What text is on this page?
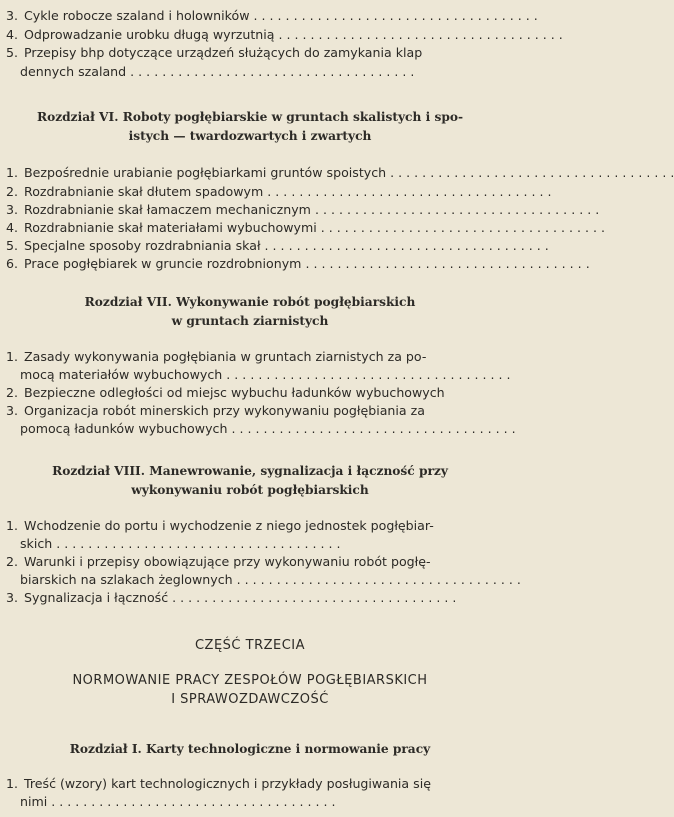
3. Cykle robocze szaland i holowników . . . . . . . . . . . . . . . . . . . . . . . . . . . . . . . . . . . .
4. Odprowadzanie urobku długą wyrzutnią . . . . . . . . . . . . . . . . . . . . . . . . . . . . . . . . . . . .
5. Przepisy bhp dotyczące urządzeń służących do zamykania klap
dennych szaland . . . . . . . . . . . . . . . . . . . . . . . . . . . . . . . . . . . .
Rozdział VI. Roboty pogłębiarskie w gruntach skalistych i spo-
istych — twardozwartych i zwartych
1. Bezpośrednie urabianie pogłębiarkami gruntów spoistych . . . . . . . . . . . . . . . . . . . . . . . . . . . . . . . . . . . .
2. Rozdrabnianie skał dłutem spadowym . . . . . . . . . . . . . . . . . . . . . . . . . . . . . . . . . . . .
3. Rozdrabnianie skał łamaczem mechanicznym . . . . . . . . . . . . . . . . . . . . . . . . . . . . . . . . . . . .
4. Rozdrabnianie skał materiałami wybuchowymi . . . . . . . . . . . . . . . . . . . . . . . . . . . . . . . . . . . .
5. Specjalne sposoby rozdrabniania skał . . . . . . . . . . . . . . . . . . . . . . . . . . . . . . . . . . . .
6. Prace pogłębiarek w gruncie rozdrobnionym . . . . . . . . . . . . . . . . . . . . . . . . . . . . . . . . . . . .
Rozdział VII. Wykonywanie robót pogłębiarskich
w gruntach ziarnistych
1. Zasady wykonywania pogłębiania w gruntach ziarnistych za po-
mocą materiałów wybuchowych . . . . . . . . . . . . . . . . . . . . . . . . . . . . . . . . . . . .
2. Bezpieczne odległości od miejsc wybuchu ładunków wybuchowych
3. Organizacja robót minerskich przy wykonywaniu pogłębiania za
pomocą ładunków wybuchowych . . . . . . . . . . . . . . . . . . . . . . . . . . . . . . . . . . . .
Rozdział VIII. Manewrowanie, sygnalizacja i łączność przy
wykonywaniu robót pogłębiarskich
1. Wchodzenie do portu i wychodzenie z niego jednostek pogłębiar-
skich . . . . . . . . . . . . . . . . . . . . . . . . . . . . . . . . . . . .
2. Warunki i przepisy obowiązujące przy wykonywaniu robót pogłę-
biarskich na szlakach żeglownych . . . . . . . . . . . . . . . . . . . . . . . . . . . . . . . . . . . .
3. Sygnalizacja i łączność . . . . . . . . . . . . . . . . . . . . . . . . . . . . . . . . . . . .
CZĘŚĆ TRZECIA
NORMOWANIE PRACY ZESPOŁÓW POGŁĘBIARSKICH
I SPRAWOZDAWCZOŚĆ
Rozdział I. Karty technologiczne i normowanie pracy
1. Treść (wzory) kart technologicznych i przykłady posługiwania się
nimi . . . . . . . . . . . . . . . . . . . . . . . . . . . . . . . . . . . .
